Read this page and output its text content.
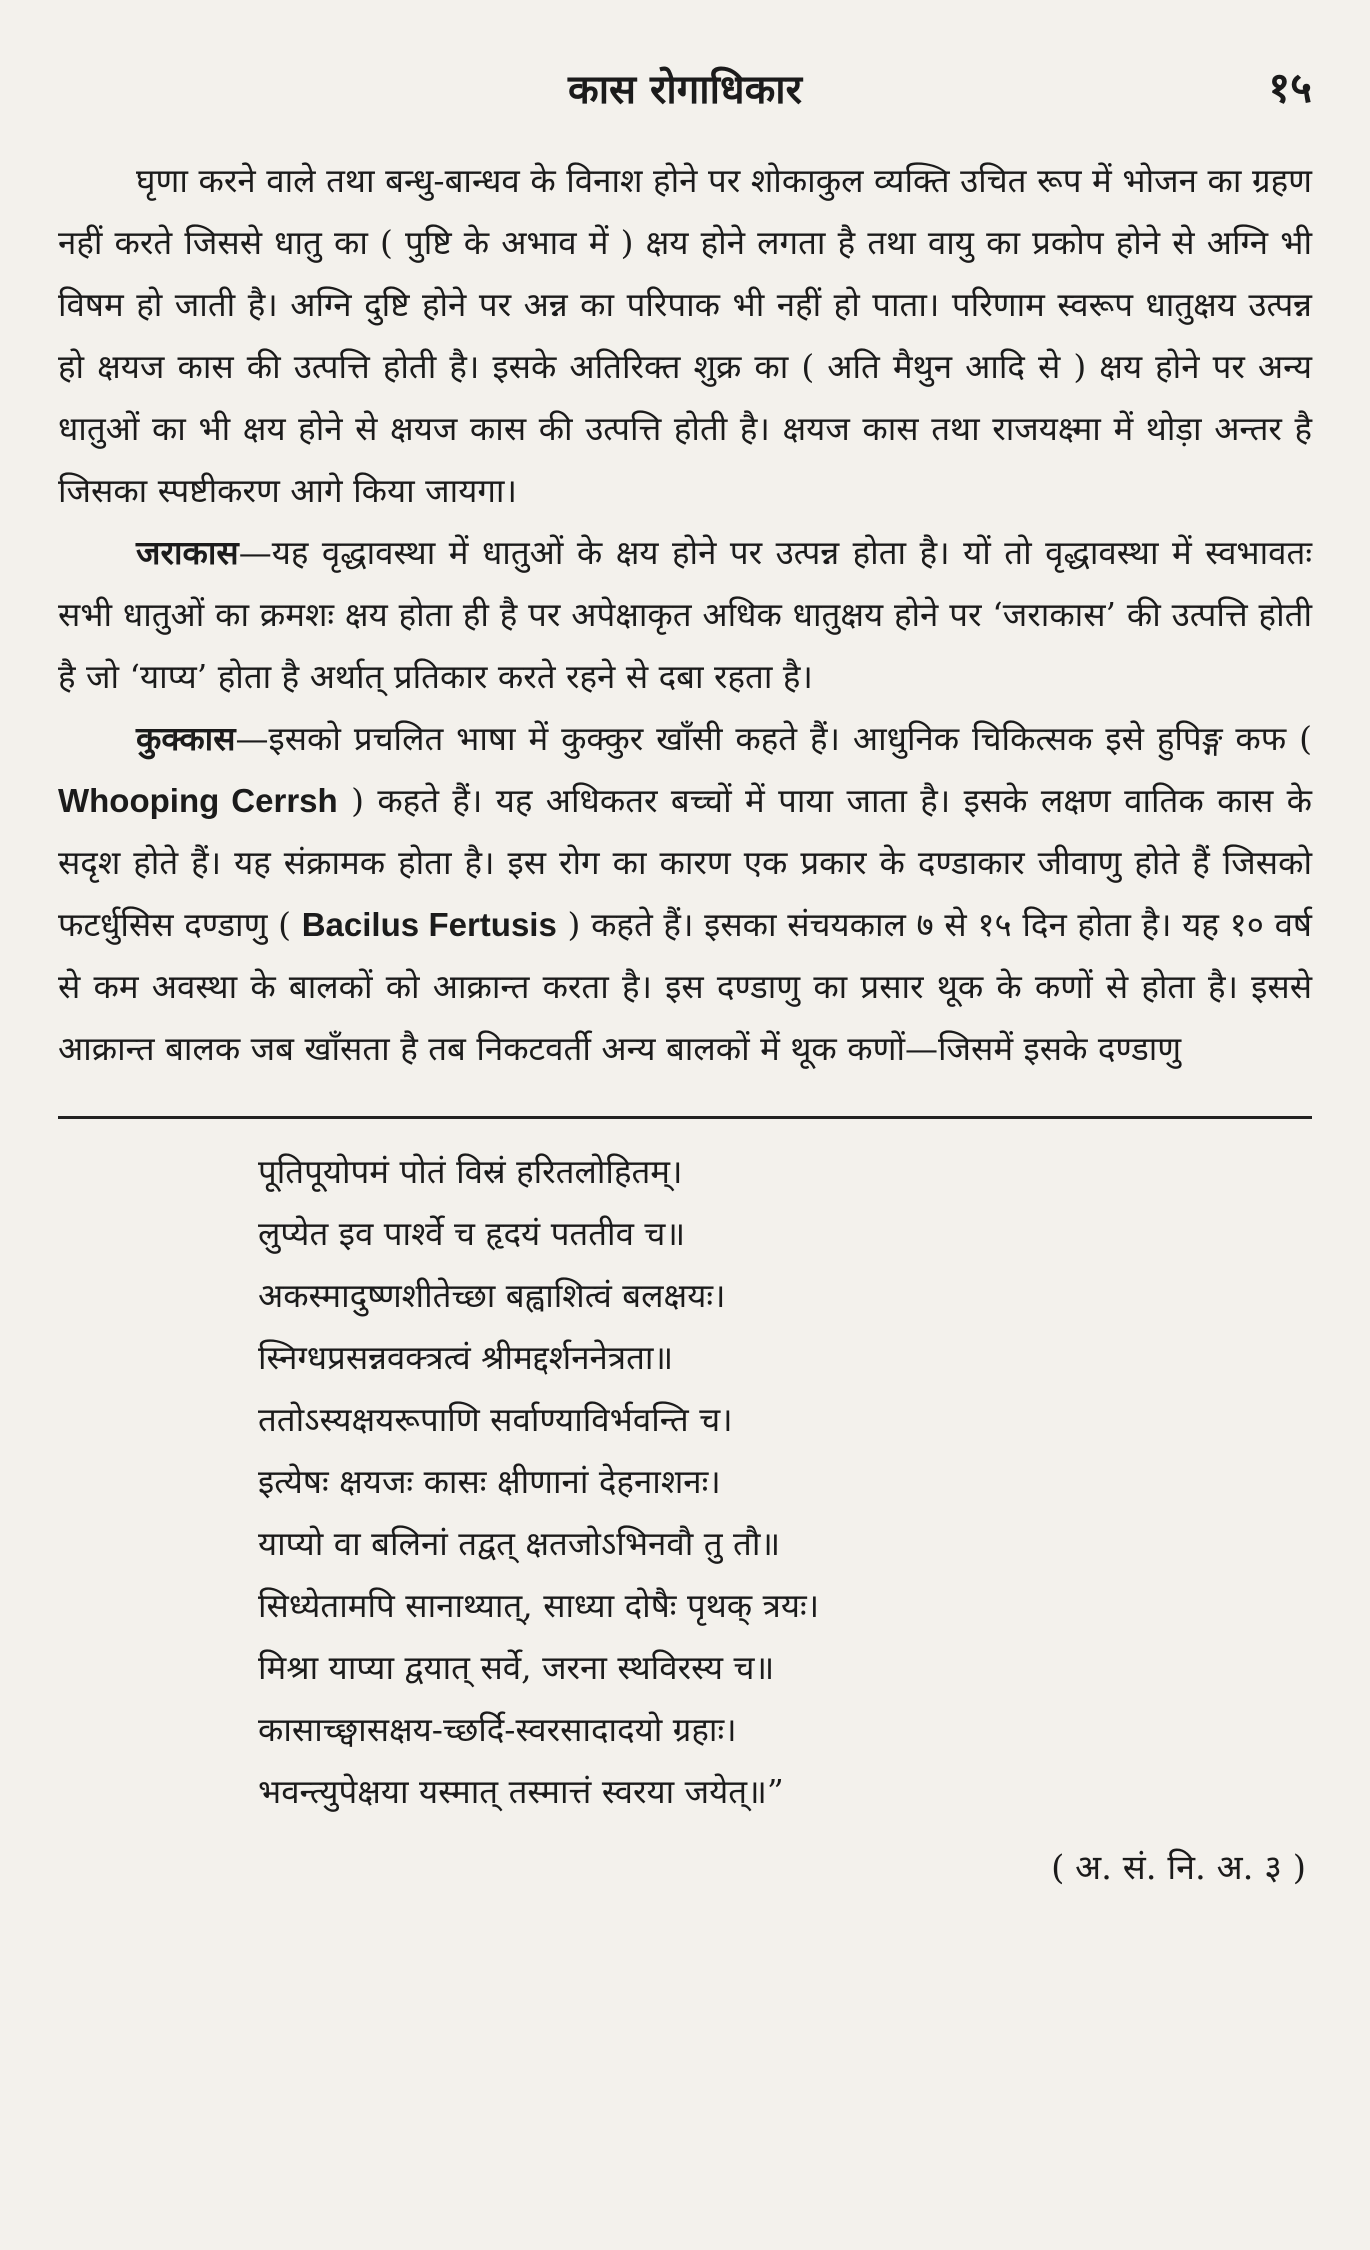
कास रोगाधिकार	१५

घृणा करने वाले तथा बन्धु-बान्धव के विनाश होने पर शोकाकुल व्यक्ति उचित रूप में भोजन का ग्रहण नहीं करते जिससे धातु का ( पुष्टि के अभाव में ) क्षय होने लगता है तथा वायु का प्रकोप होने से अग्नि भी विषम हो जाती है। अग्नि दुष्टि होने पर अन्न का परिपाक भी नहीं हो पाता। परिणाम स्वरूप धातुक्षय उत्पन्न हो क्षयज कास की उत्पत्ति होती है। इसके अतिरिक्त शुक्र का ( अति मैथुन आदि से ) क्षय होने पर अन्य धातुओं का भी क्षय होने से क्षयज कास की उत्पत्ति होती है। क्षयज कास तथा राजयक्ष्मा में थोड़ा अन्तर है जिसका स्पष्टीकरण आगे किया जायगा।

जराकास—यह वृद्धावस्था में धातुओं के क्षय होने पर उत्पन्न होता है। यों तो वृद्धावस्था में स्वभावतः सभी धातुओं का क्रमशः क्षय होता ही है पर अपेक्षाकृत अधिक धातुक्षय होने पर ‘जराकास’ की उत्पत्ति होती है जो ‘याप्य’ होता है अर्थात् प्रतिकार करते रहने से दबा रहता है।

कुक्कास—इसको प्रचलित भाषा में कुक्कुर खाँसी कहते हैं। आधुनिक चिकित्सक इसे हुपिङ्ग कफ ( Whooping Cerrsh ) कहते हैं। यह अधिकतर बच्चों में पाया जाता है। इसके लक्षण वातिक कास के सदृश होते हैं। यह संक्रामक होता है। इस रोग का कारण एक प्रकार के दण्डाकार जीवाणु होते हैं जिसको फटर्धुसिस दण्डाणु ( Bacilus Fertusis ) कहते हैं। इसका संचयकाल ७ से १५ दिन होता है। यह १० वर्ष से कम अवस्था के बालकों को आक्रान्त करता है। इस दण्डाणु का प्रसार थूक के कणों से होता है। इससे आक्रान्त बालक जब खाँसता है तब निकटवर्ती अन्य बालकों में थूक कणों—जिसमें इसके दण्डाणु

पूतिपूयोपमं पोतं विस्रं हरितलोहितम्।
लुप्येत इव पार्श्वे च हृदयं पततीव च॥
अकस्मादुष्णशीतेच्छा बह्वाशित्वं बलक्षयः।
स्निग्धप्रसन्नवक्त्रत्वं श्रीमद्दर्शननेत्रता॥
ततोऽस्यक्षयरूपाणि सर्वाण्याविर्भवन्ति च।
इत्येषः क्षयजः कासः क्षीणानां देहनाशनः।
याप्यो वा बलिनां तद्वत् क्षतजोऽभिनवौ तु तौ॥
सिध्येतामपि सानाथ्यात्, साध्या दोषैः पृथक् त्रयः।
मिश्रा याप्या द्वयात् सर्वे, जरना स्थविरस्य च॥
कासाच्छ्वासक्षय-च्छर्दि-स्वरसादादयो ग्रहाः।
भवन्त्युपेक्षया यस्मात् तस्मात्तं स्वरया जयेत्॥”
( अ. सं. नि. अ. ३ )
